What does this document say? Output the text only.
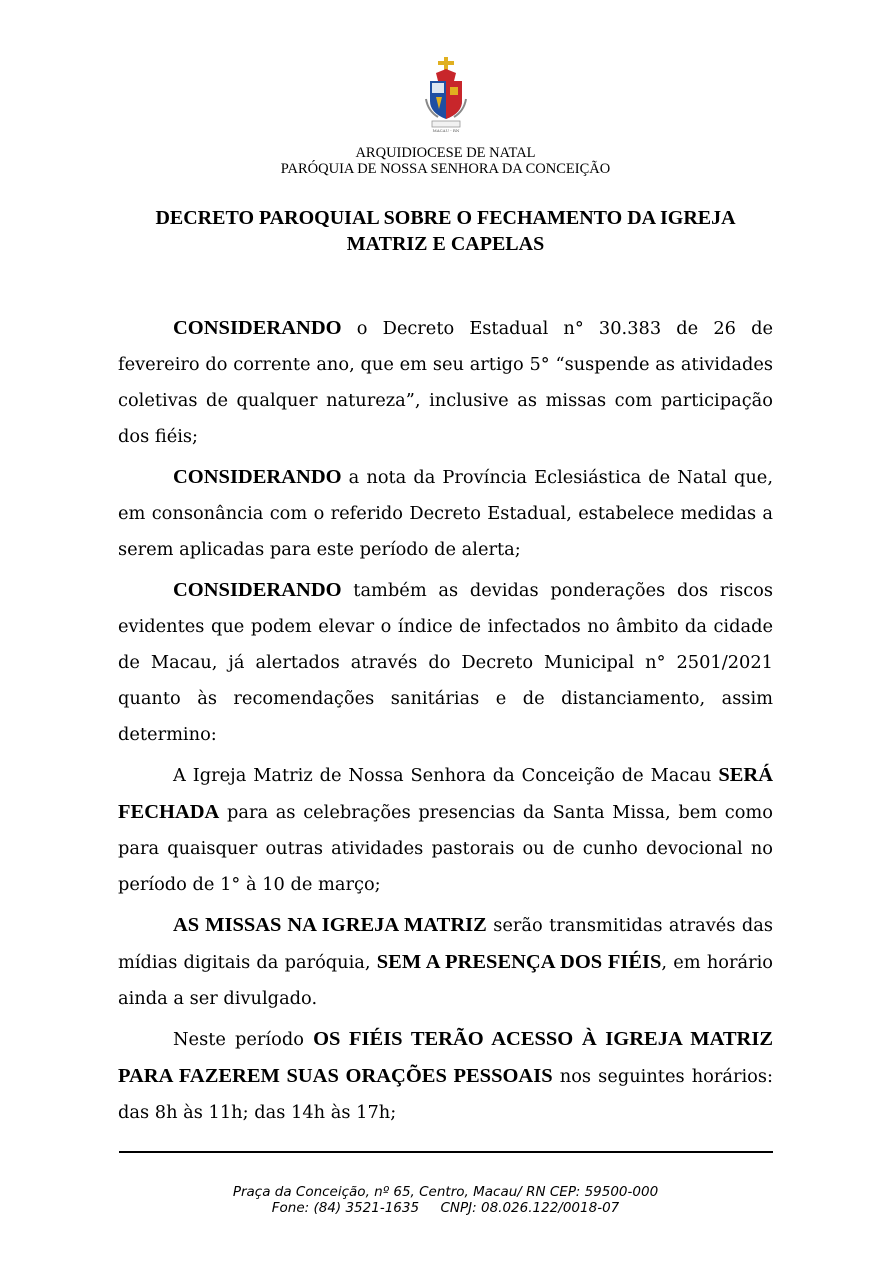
MACAU - RN
ARQUIDIOCESE DE NATAL
PARÓQUIA DE NOSSA SENHORA DA CONCEIÇÃO
DECRETO PAROQUIAL SOBRE O FECHAMENTO DA IGREJA
MATRIZ E CAPELAS

CONSIDERANDO o Decreto Estadual n° 30.383 de 26 de fevereiro do corrente ano, que em seu artigo 5° “suspende as atividades coletivas de qualquer natureza”, inclusive as missas com participação dos fiéis;

CONSIDERANDO a nota da Província Eclesiástica de Natal que, em consonância com o referido Decreto Estadual, estabelece medidas a serem aplicadas para este período de alerta;

CONSIDERANDO também as devidas ponderações dos riscos evidentes que podem elevar o índice de infectados no âmbito da cidade de Macau, já alertados através do Decreto Municipal n° 2501/2021 quanto às recomendações sanitárias e de distanciamento, assim determino:

A Igreja Matriz de Nossa Senhora da Conceição de Macau SERÁ FECHADA para as celebrações presencias da Santa Missa, bem como para quaisquer outras atividades pastorais ou de cunho devocional no período de 1° à 10 de março;

AS MISSAS NA IGREJA MATRIZ serão transmitidas através das mídias digitais da paróquia, SEM A PRESENÇA DOS FIÉIS, em horário ainda a ser divulgado.

Neste período OS FIÉIS TERÃO ACESSO À IGREJA MATRIZ PARA FAZEREM SUAS ORAÇÕES PESSOAIS nos seguintes horários: das 8h às 11h; das 14h às 17h;

Praça da Conceição, nº 65, Centro, Macau/ RN CEP: 59500-000
Fone: (84) 3521-1635     CNPJ: 08.026.122/0018-07
